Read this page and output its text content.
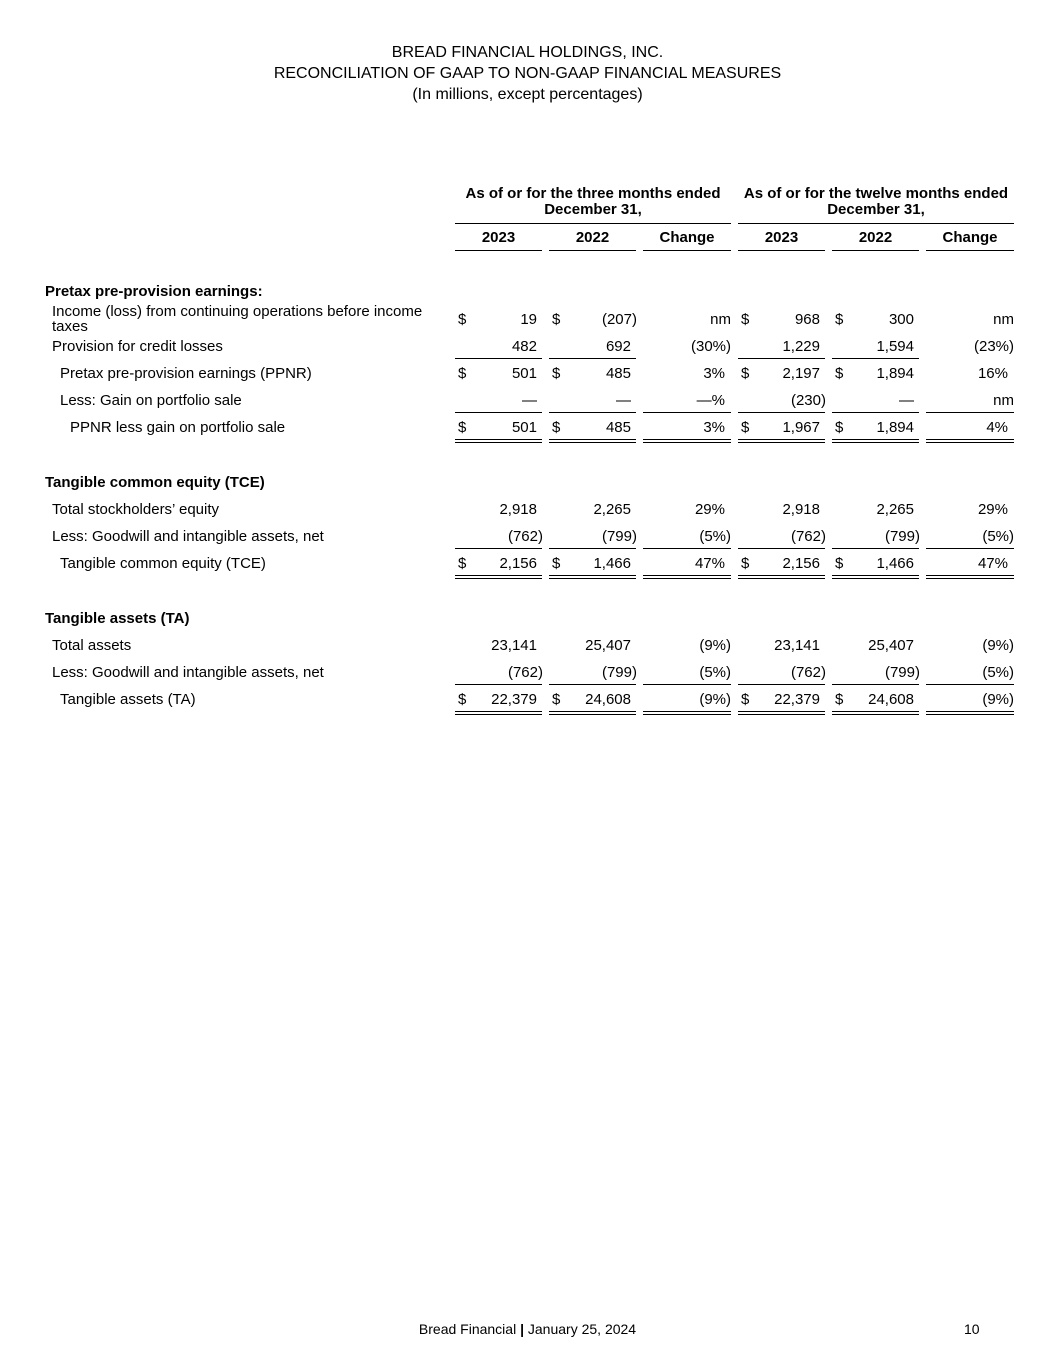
BREAD FINANCIAL HOLDINGS, INC.
RECONCILIATION OF GAAP TO NON-GAAP FINANCIAL MEASURES
(In millions, except percentages)
As of or for the three months ended December 31,
As of or for the twelve months ended December 31,
2023	2022	Change	2023	2022	Change
Pretax pre-provision earnings:
Income (loss) from continuing operations before income
taxes	$	19 $	(207)	nm $	968 $	300	nm
Provision for credit losses	482	692	(30%)	1,229	1,594	(23%)
Pretax pre-provision earnings (PPNR)	$	501 $	485	3% $	2,197 $	1,894	16%
Less: Gain on portfolio sale	—	—	—%	(230)	—	nm
PPNR less gain on portfolio sale	$	501 $	485	3% $	1,967 $	1,894	4%
Tangible common equity (TCE)
Total stockholders’ equity	2,918	2,265	29%	2,918	2,265	29%
Less: Goodwill and intangible assets, net	(762)	(799)	(5%)	(762)	(799)	(5%)
Tangible common equity (TCE)	$	2,156 $	1,466	47% $	2,156 $	1,466	47%
Tangible assets (TA)
Total assets	23,141	25,407	(9%)	23,141	25,407	(9%)
Less: Goodwill and intangible assets, net	(762)	(799)	(5%)	(762)	(799)	(5%)
Tangible assets (TA)	$	22,379 $	24,608	(9%) $	22,379 $	24,608	(9%)
Bread Financial | January 25, 2024	10
